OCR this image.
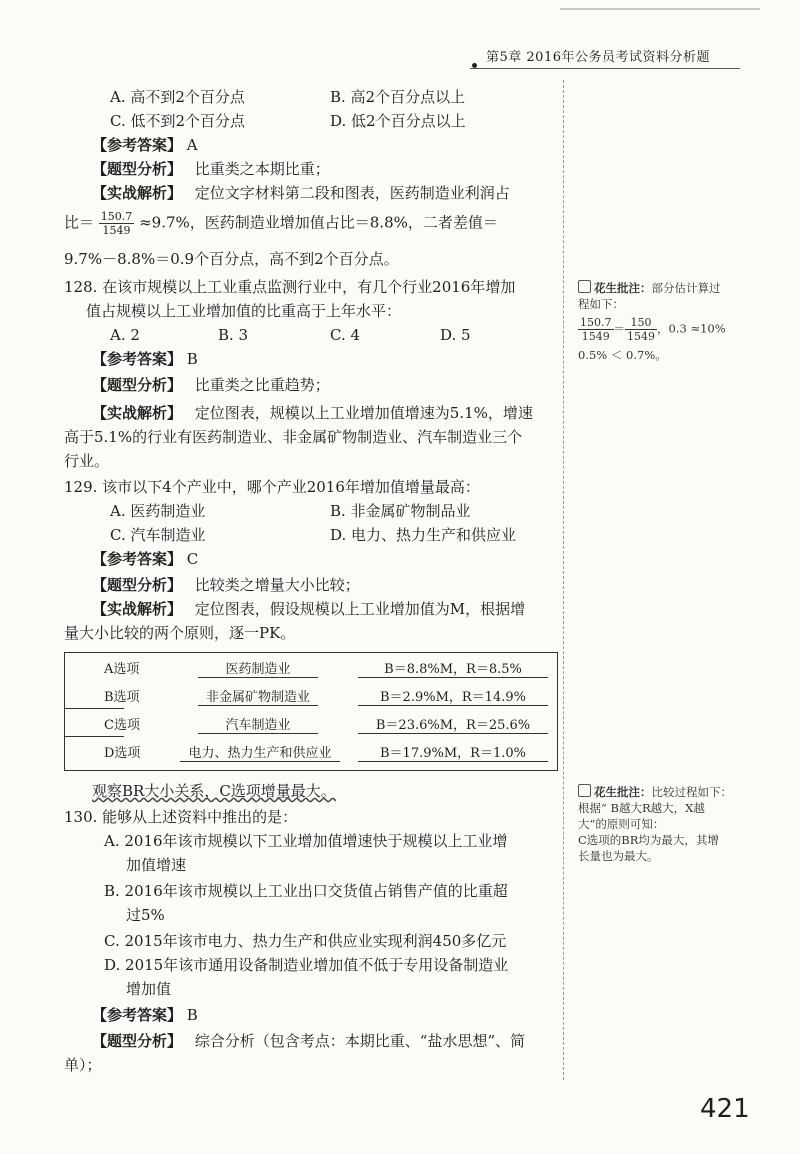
第5章 2016年公务员考试资料分析题
A. 高不到2个百分点	B. 高2个百分点以上
C. 低不到2个百分点	D. 低2个百分点以上
【参考答案】 A
【题型分析】 比重类之本期比重；
【实战解析】 定位文字材料第二段和图表，医药制造业利润占
比＝ $\frac{150.7}{1549} \approx 9.7\%$，医药制造业增加值占比＝8.8%，二者差值＝
9.7%－8.8%＝0.9个百分点，高不到2个百分点。
128. 在该市规模以上工业重点监测行业中，有几个行业2016年增加
值占规模以上工业增加值的比重高于上年水平：
A. 2	B. 3	C. 4	D. 5
【参考答案】 B
【题型分析】 比重类之比重趋势；
【实战解析】 定位图表，规模以上工业增加值增速为5.1%，增速
高于5.1%的行业有医药制造业、非金属矿物制造业、汽车制造业三个
行业。
花生批注：部分估计算过
程如下：
$\frac{150.7}{1549} = \frac{150}{1549}$ ，0.3 ≈10%
0.5% ＜ 0.7%。
129. 该市以下4个产业中，哪个产业2016年增加值增量最高：
A. 医药制造业	B. 非金属矿物制品业
C. 汽车制造业	D. 电力、热力生产和供应业
【参考答案】 C
【题型分析】 比较类之增量大小比较；
【实战解析】 定位图表，假设规模以上工业增加值为M，根据增
量大小比较的两个原则，逐一PK。
A选项	医药制造业	B＝8.8%M，R＝8.5%
B选项	非金属矿物制造业	B＝2.9%M，R＝14.9%
C选项	汽车制造业	B＝23.6%M，R＝25.6%
D选项	电力、热力生产和供应业	B＝17.9%M，R＝1.0%
观察BR大小关系，C选项增量最大。	花生批注：比较过程如下：
根据“ B越大R越大，X越
大”的原则可知：
C选项的BR均为最大，其增
长量也为最大。
130. 能够从上述资料中推出的是：
A. 2016年该市规模以下工业增加值增速快于规模以上工业增
加值增速
B. 2016年该市规模以上工业出口交货值占销售产值的比重超
过5%
C. 2015年该市电力、热力生产和供应业实现利润450多亿元
D. 2015年该市通用设备制造业增加值不低于专用设备制造业
增加值
【参考答案】 B
【题型分析】 综合分析（包含考点：本期比重、“盐水思想”、简
单）；
421
